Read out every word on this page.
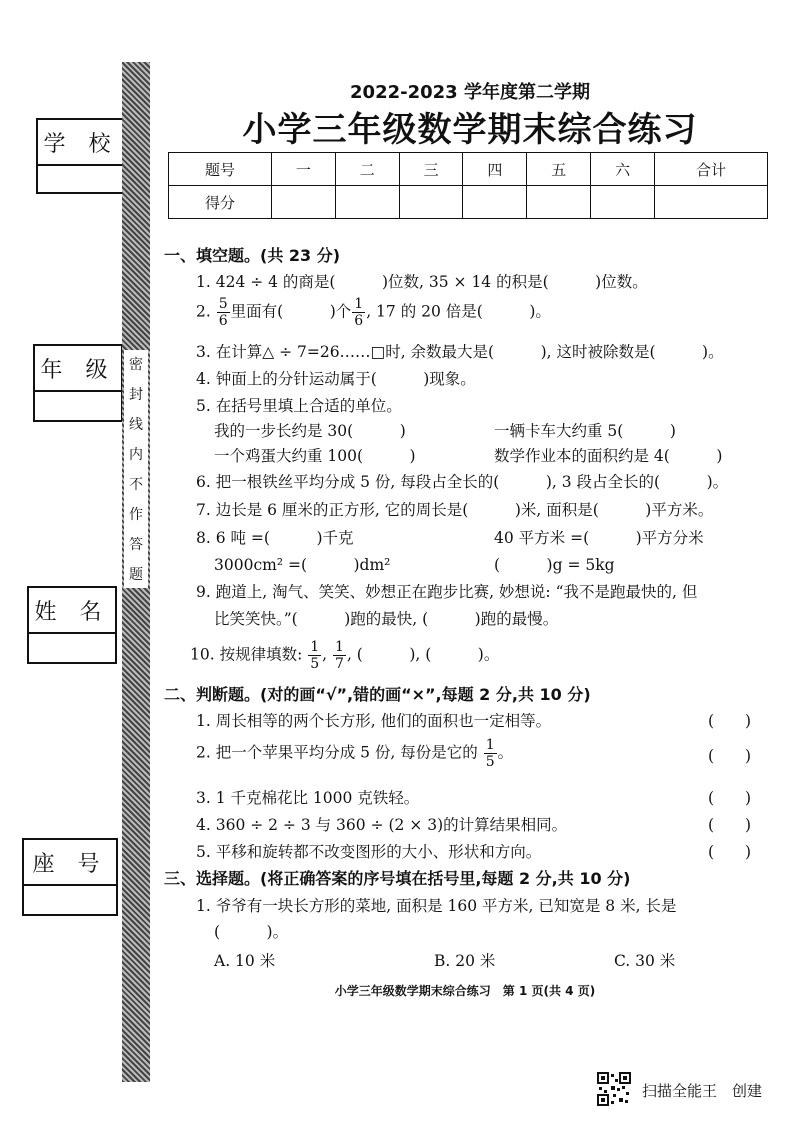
学 校
年 级
姓 名
座 号
密
封
线
内
不
作
答
题
2022-2023 学年度第二学期
小学三年级数学期末综合练习
题号	一	二	三	四	五	六	合计
得分							
一、填空题。(共 23 分)
1. 424 ÷ 4 的商是(　　　)位数, 35 × 14 的积是(　　　)位数。
2. $\frac{5}{6}$ 里面有(　　　)个 $\frac{1}{6}$ , 17 的 20 倍是(　　　)。
3. 在计算△ ÷ 7=26……□时, 余数最大是(　　　), 这时被除数是(　　　)。
4. 钟面上的分针运动属于(　　　)现象。
5. 在括号里填上合适的单位。
我的一步长约是 30(　　　)	一辆卡车大约重 5(　　　)
一个鸡蛋大约重 100(　　　)	数学作业本的面积约是 4(　　　)
6. 把一根铁丝平均分成 5 份, 每段占全长的(　　　), 3 段占全长的(　　　)。
7. 边长是 6 厘米的正方形, 它的周长是(　　　)米, 面积是(　　　)平方米。
8. 6 吨 =(　　　)千克	40 平方米 =(　　　)平方分米
3000cm² =(　　　)dm²	(　　　)g = 5kg
9. 跑道上, 淘气、笑笑、妙想正在跑步比赛, 妙想说: “我不是跑最快的, 但
比笑笑快。”(　　　)跑的最快, (　　　)跑的最慢。
10. 按规律填数: $\frac{1}{5}$ , $\frac{1}{7}$ , (　　　), (　　　)。
二、判断题。(对的画“√”,错的画“×”,每题 2 分,共 10 分)
1. 周长相等的两个长方形, 他们的面积也一定相等。	(　　)
2. 把一个苹果平均分成 5 份, 每份是它的 $\frac{1}{5}$ 。	(　　)
3. 1 千克棉花比 1000 克铁轻。	(　　)
4. 360 ÷ 2 ÷ 3 与 360 ÷ (2 × 3)的计算结果相同。	(　　)
5. 平移和旋转都不改变图形的大小、形状和方向。	(　　)
三、选择题。(将正确答案的序号填在括号里,每题 2 分,共 10 分)
1. 爷爷有一块长方形的菜地, 面积是 160 平方米, 已知宽是 8 米, 长是
(　　　)。
A. 10 米	B. 20 米	C. 30 米
小学三年级数学期末综合练习　第 1 页(共 4 页)
扫描全能王　创建
